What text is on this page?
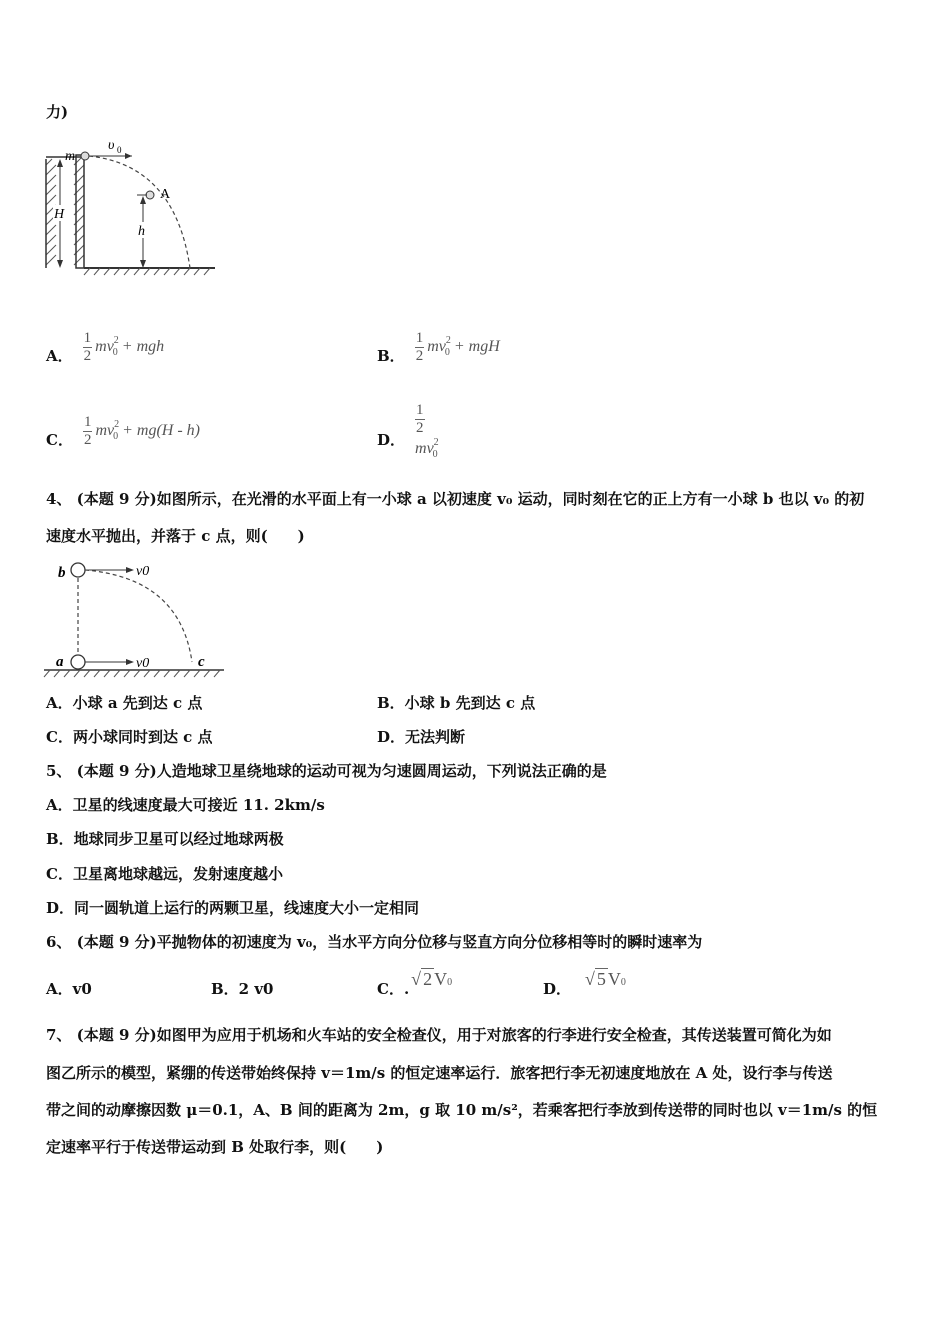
力)
m
υ 0
A
H
h
A． $\frac{1}{2} mv^2_0$ + mgh
B． $\frac{1}{2} mv^2_0$ + mgH
C． $\frac{1}{2} mv^2_0 + mg(H - h)$
D．
$\frac{1}{2}$
$mv^2_0$
4、 (本题 9 分)如图所示，在光滑的水平面上有一小球 a 以初速度 v₀ 运动，同时刻在它的正上方有一小球 b 也以 v₀ 的初
速度水平抛出，并落于 c 点，则(　　)
b	v0
a	v0	c
A．小球 a 先到达 c 点	B．小球 b 先到达 c 点
C．两小球同时到达 c 点	D．无法判断
5、 (本题 9 分)人造地球卫星绕地球的运动可视为匀速圆周运动，下列说法正确的是
A．卫星的线速度最大可接近 11. 2km/s
B．地球同步卫星可以经过地球两极
C．卫星离地球越远，发射速度越小
D．同一圆轨道上运行的两颗卫星，线速度大小一定相同
6、 (本题 9 分)平抛物体的初速度为 v₀，当水平方向分位移与竖直方向分位移相等时的瞬时速率为
A．v0	B．2 v0	C．. √ 2 V0	D． √ 5 V0
7、 (本题 9 分)如图甲为应用于机场和火车站的安全检查仪，用于对旅客的行李进行安全检查，其传送装置可简化为如
图乙所示的模型，紧绷的传送带始终保持 v＝1m/s 的恒定速率运行．旅客把行李无初速度地放在 A 处，设行李与传送
带之间的动摩擦因数 μ＝0.1，A、B 间的距离为 2m，g 取 10 m/s²，若乘客把行李放到传送带的同时也以 v＝1m/s 的恒
定速率平行于传送带运动到 B 处取行李，则(　　)
